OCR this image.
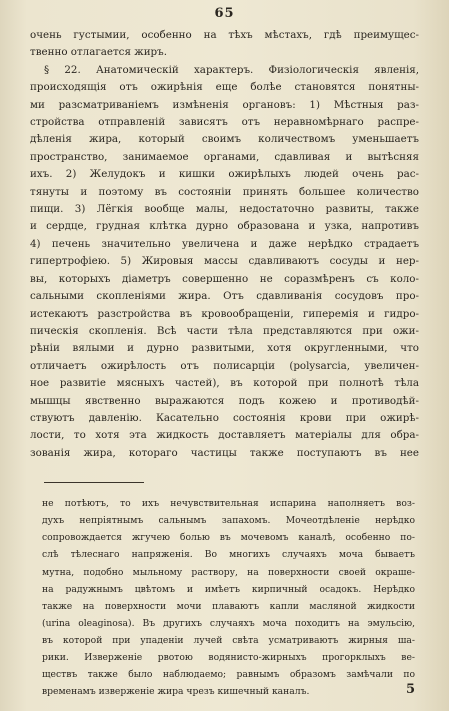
65
очень густымии, особенно на тѣхъ мѣстахъ, гдѣ преимущес-
твенно отлагается жиръ.
§ 22. Анатомическій характеръ. Физіологическія явленія,
происходящія отъ ожирѣнія еще болѣе становятся понятны-
ми разсматриванiемъ измѣненія органовъ: 1) Мѣстныя раз-
стройства отправленій зависятъ отъ неравномѣрнаго распре-
дѣленія жира, который своимъ количествомъ уменьшаетъ
пространство, занимаемое органами, сдавливая и вытѣсняя
ихъ. 2) Желудокъ и кишки ожирѣлыхъ людей очень рас-
тянуты и поэтому въ состояніи принять большее количество
пищи. 3) Лёгкія вообще малы, недостаточно развиты, также
и сердце, грудная клѣтка дурно образована и узка, напротивъ
4) печень значительно увеличена и даже нерѣдко страдаетъ
гипертрофіею. 5) Жировыя массы сдавливаютъ сосуды и нер-
вы, которыхъ діаметръ совершенно не соразмѣренъ съ коло-
сальными скопленіями жира. Отъ сдавливанія сосудовъ про-
истекаютъ разстройства въ кровообращеніи, гиперемія и гидро-
пическія скопленія. Всѣ части тѣла представляются при ожи-
рѣніи вялыми и дурно развитыми, хотя округленными, что
отличаетъ ожирѣлость отъ полисарціи (polysarcia, увеличен-
ное развитіе мясныхъ частей), въ которой при полнотѣ тѣла
мышцы явственно выражаются подъ кожею и противодѣй-
ствуютъ давленію. Касательно состоянія крови при ожирѣ-
лости, то хотя эта жидкость доставляетъ матеріалы для обра-
зованія жира, котораго частицы также поступаютъ въ нее
не потѣютъ, то ихъ нечувствительная испарина наполняетъ воз-
духъ непріятнымъ сальнымъ запахомъ. Мочеотдѣленіе нерѣдко
сопровождается жгучею болью въ мочевомъ каналѣ, особенно по-
слѣ тѣлеснаго напряженія. Во многихъ случаяхъ моча бываетъ
мутна, подобно мыльному раствору, на поверхности своей окраше-
на радужнымъ цвѣтомъ и имѣетъ кирпичный осадокъ. Нерѣдко
также на поверхности мочи плаваютъ капли масляной жидкости
(urina oleaginosa). Въ другихъ случаяхъ моча походитъ на эмульсію,
въ которой при упаденіи лучей свѣта усматриваютъ жирныя ша-
рики. Изверженіе рвотою водянисто-жирныхъ прогорклыхъ ве-
ществъ также было наблюдаемо; равнымъ образомъ замѣчали по
временамъ изверженіе жира чрезъ кишечный каналъ.	5
